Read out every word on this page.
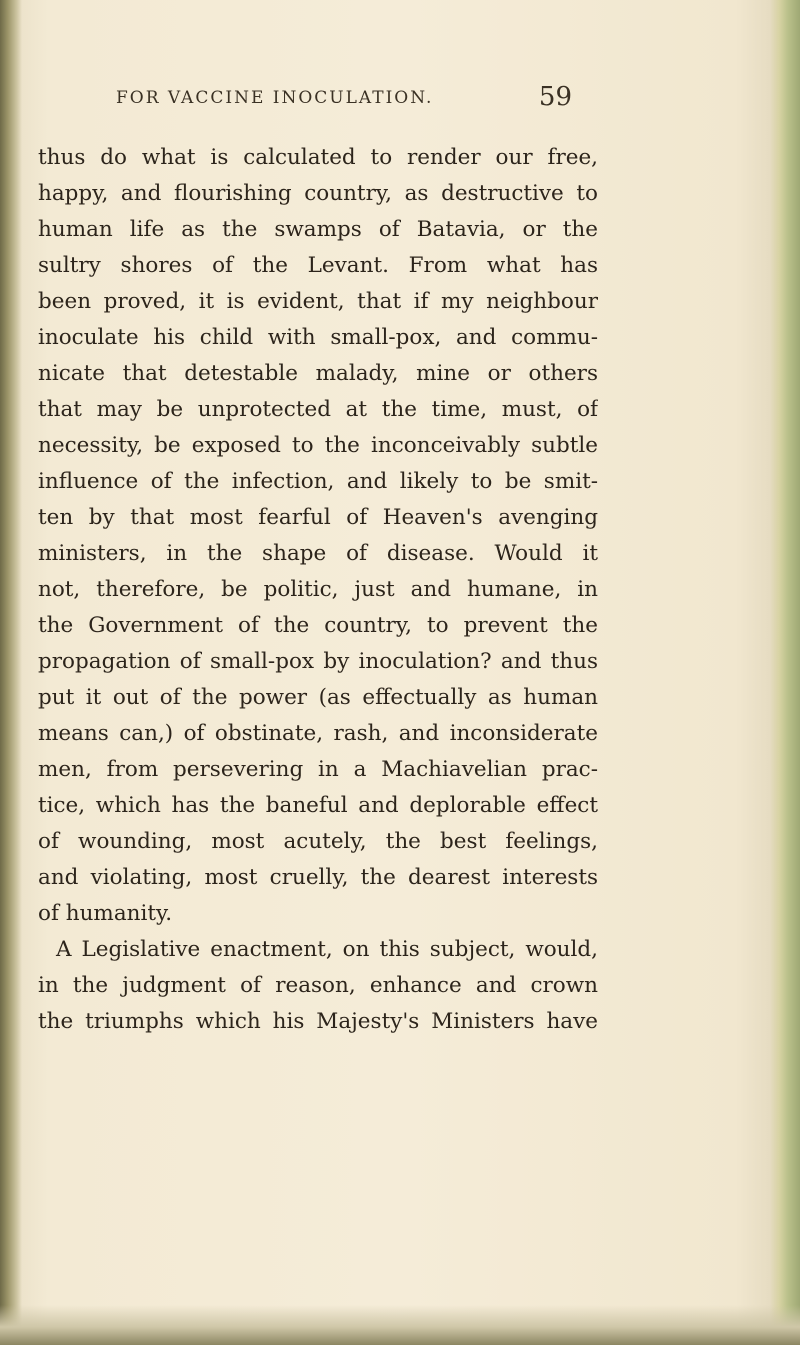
FOR VACCINE INOCULATION.	59
thus do what is calculated to render our free,
happy, and flourishing country, as destructive to
human life as the swamps of Batavia, or the
sultry shores of the Levant. From what has
been proved, it is evident, that if my neighbour
inoculate his child with small-pox, and commu-
nicate that detestable malady, mine or others
that may be unprotected at the time, must, of
necessity, be exposed to the inconceivably subtle
influence of the infection, and likely to be smit-
ten by that most fearful of Heaven's avenging
ministers, in the shape of disease. Would it
not, therefore, be politic, just and humane, in
the Government of the country, to prevent the
propagation of small-pox by inoculation? and thus
put it out of the power (as effectually as human
means can,) of obstinate, rash, and inconsiderate
men, from persevering in a Machiavelian prac-
tice, which has the baneful and deplorable effect
of wounding, most acutely, the best feelings,
and violating, most cruelly, the dearest interests
of humanity.
A Legislative enactment, on this subject, would,
in the judgment of reason, enhance and crown
the triumphs which his Majesty's Ministers have
